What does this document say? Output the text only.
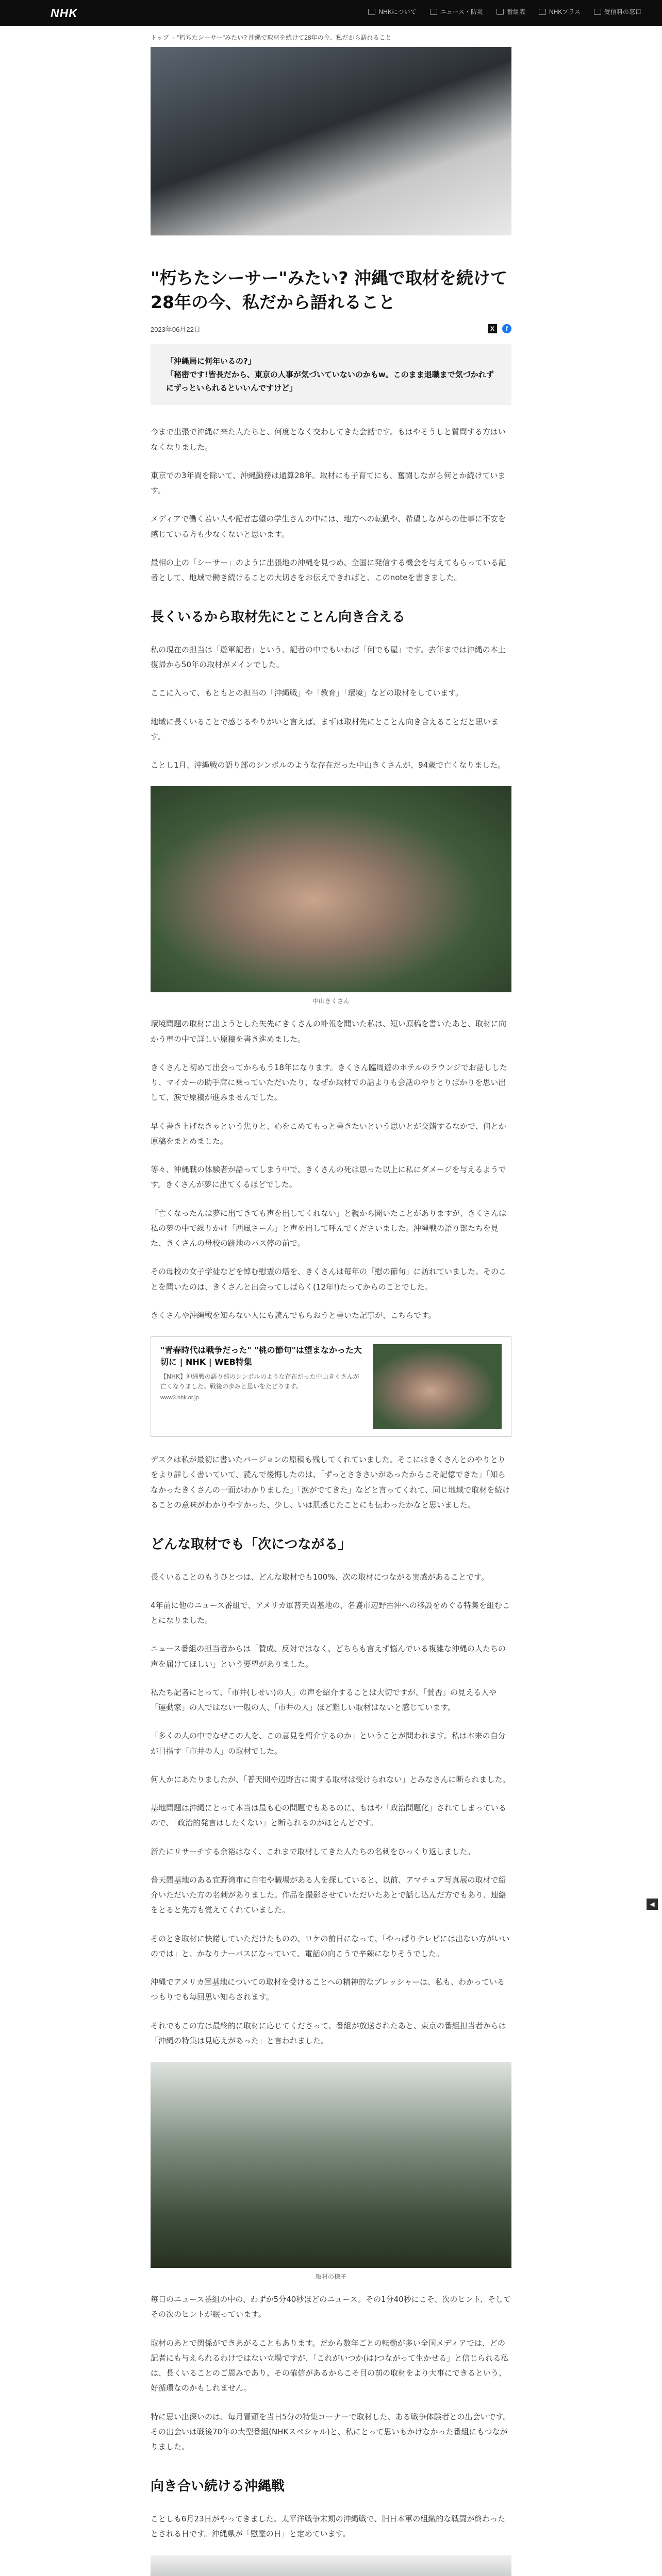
NHK	NHKについて	ニュース・防災	番組表	NHKプラス	受信料の窓口
トップ › "朽ちたシーサー"みたい? 沖縄で取材を続けて28年の今、私だから語れること
"朽ちたシーサー"みたい? 沖縄で取材を続けて28年の今、私だから語れること
2023年06月22日	X	f
「沖縄局に何年いるの?」
「秘密です!皆長だから、東京の人事が気づいていないのかもw。このまま退職まで気づかれずにずっといられるといいんですけど」

今まで出張で沖縄に来た人たちと、何度となく交わしてきた会話です。もはやそうしと質問する方はいなくなりました。

東京での3年間を除いて、沖縄勤務は通算28年。取材にも子育てにも、奮闘しながら何とか続けています。

メディアで働く若い人や記者志望の学生さんの中には、地方への転勤や、希望しながらの仕事に不安を感じている方も少なくないと思います。

最相の上の「シーサー」のように出張地の沖縄を見つめ、全国に発信する機会を与えてもらっている記者として、地域で働き続けることの大切さをお伝えできればと、このnoteを書きました。

長くいるから取材先にとことん向き合える

私の現在の担当は「遊軍記者」という、記者の中でもいわば「何でも屋」です。去年までは沖縄の本土復帰から50年の取材がメインでした。

ここに入って、もともとの担当の「沖縄戦」や「教育」「環境」などの取材をしています。

地域に長くいることで感じるやりがいと言えば、まずは取材先にとことん向き合えることだと思います。

ことし1月、沖縄戦の語り部のシンボルのような存在だった中山きくさんが、94歳で亡くなりました。

中山きくさん

環境問題の取材に出ようとした矢先にきくさんの訃報を聞いた私は、短い原稿を書いたあと、取材に向かう車の中で詳しい原稿を書き進めました。

きくさんと初めて出会ってからもう18年になります。きくさん臨周遊のホテルのラウンジでお話ししたり、マイカーの助手席に乗っていただいたり、なぜか取材での話よりも会話のやりとりばかりを思い出して、涙で原稿が進みませんでした。

早く書き上げなきゃという焦りと、心をこめてもっと書きたいという思いとが交錯するなかで、何とか原稿をまとめました。

等々、沖縄戦の体験者が語ってしまう中で、きくさんの死は思った以上に私にダメージを与えるようです。きくさんが夢に出てくるほどでした。

「亡くなったんは夢に出てきても声を出してくれない」と親から聞いたことがありますが、きくさんは私の夢の中で繰りかけ「西風さーん」と声を出して呼んでくださいました。沖縄戦の語り部たちを見た、きくさんの母校の跡地のバス停の前で。

その母校の女子学徒などを悼む慰霊の塔を、きくさんは毎年の「慰の節句」に訪れていました。そのことを聞いたのは、きくさんと出会ってしばらく(12年!)たってからのことでした。

きくさんや沖縄戦を知らない人にも読んでもらおうと書いた記事が、こちらです。

"青春時代は戦争だった" "桃の節句"は望まなかった大切に | NHK | WEB特集
【NHK】沖縄戦の語り部のシンボルのような存在だった中山きくさんが亡くなりました。戦後の歩みと思いをたどります。
www3.nhk.or.jp

デスクは私が最初に書いたバージョンの原稿も残してくれていました。そこにはきくさんとのやりとりをより詳しく書いていて、読んで後悔したのは、「ずっとさきさいがあったからこそ記憶できた」「知らなかったきくさんの一面がわかりました」「涙がでてきた」などと言ってくれて、同じ地域で取材を続けることの意味がわかりやすかった、少し、いは肌感じたことにも伝わったかなと思いました。

どんな取材でも「次につながる」

長くいることのもうひとつは、どんな取材でも100%、次の取材につながる実感があることです。

4年前に他のニュース番組で、アメリカ軍普天間基地の、名護市辺野古沖への移設をめぐる特集を組むことになりました。

ニュース番組の担当者からは「賛成、反対ではなく、どちらも言えず悩んでいる複雑な沖縄の人たちの声を届けてほしい」という要望がありました。

私たち記者にとって、「市井(しせい)の人」の声を紹介することは大切ですが、「賛否」の見える人や「運動家」の人ではない一般の人、「市井の人」ほど難しい取材はないと感じています。

「多くの人の中でなぜこの人を、この意見を紹介するのか」ということが問われます。私は本来の自分が目指す「市井の人」の取材でした。

何人かにあたりましたが、「普天間や辺野古に関する取材は受けられない」とみなさんに断られました。

基地問題は沖縄にとって本当は最も心の問題でもあるのに、もはや「政治問題化」されてしまっているので、「政治的発言はしたくない」と断られるのがほとんどです。

新たにリサーチする余裕はなく、これまで取材してきた人たちの名刺をひっくり返しました。

普天間基地のある宜野湾市に自宅や職場がある人を探していると、以前、アマチュア写真展の取材で紹介いただいた方の名刺がありました。作品を撮影させていただいたあとで話し込んだ方でもあり、連絡をとると先方も覚えてくれていました。

そのとき取材に快諾していただけたものの、ロケの前日になって、「やっぱりテレビには出ない方がいいのでは」と、かなりナーバスになっていて、電話の向こうで辛辣になりそうでした。

沖縄でアメリカ軍基地についての取材を受けることへの精神的なプレッシャーは、私も、わかっているつもりでも毎回思い知らされます。

それでもこの方は最終的に取材に応じてくださって、番組が放送されたあと、東京の番組担当者からは「沖縄の特集は見応えがあった」と言われました。

取材の様子

毎日のニュース番組の中の、わずか5分40秒ほどのニュース。その1分40秒にこそ、次のヒント、そしてその次のヒントが眠っています。

取材のあとで関係ができあがることもあります。だから数年ごとの転勤が多い全国メディアでは、どの記者にも与えられるわけではない立場ですが、「これがいつか(は)つながって生かせる」と信じられる私は、長くいることのご恩みであり、その確信があるからこそ目の前の取材をより大事にできるという、好循環なのかもしれません。

特に思い出深いのは、毎月冒頭を当日5分の特集コーナーで取材した、ある戦争体験者との出会いです。その出会いは戦後70年の大型番組(NHKスペシャル)と、私にとって思いもかけなかった番組にもつながりました。

向き合い続ける沖縄戦

ことしも6月23日がやってきました。太平洋戦争末期の沖縄戦で、旧日本軍の組織的な戦闘が終わったとされる日です。沖縄県が「慰霊の日」と定めています。

◀
